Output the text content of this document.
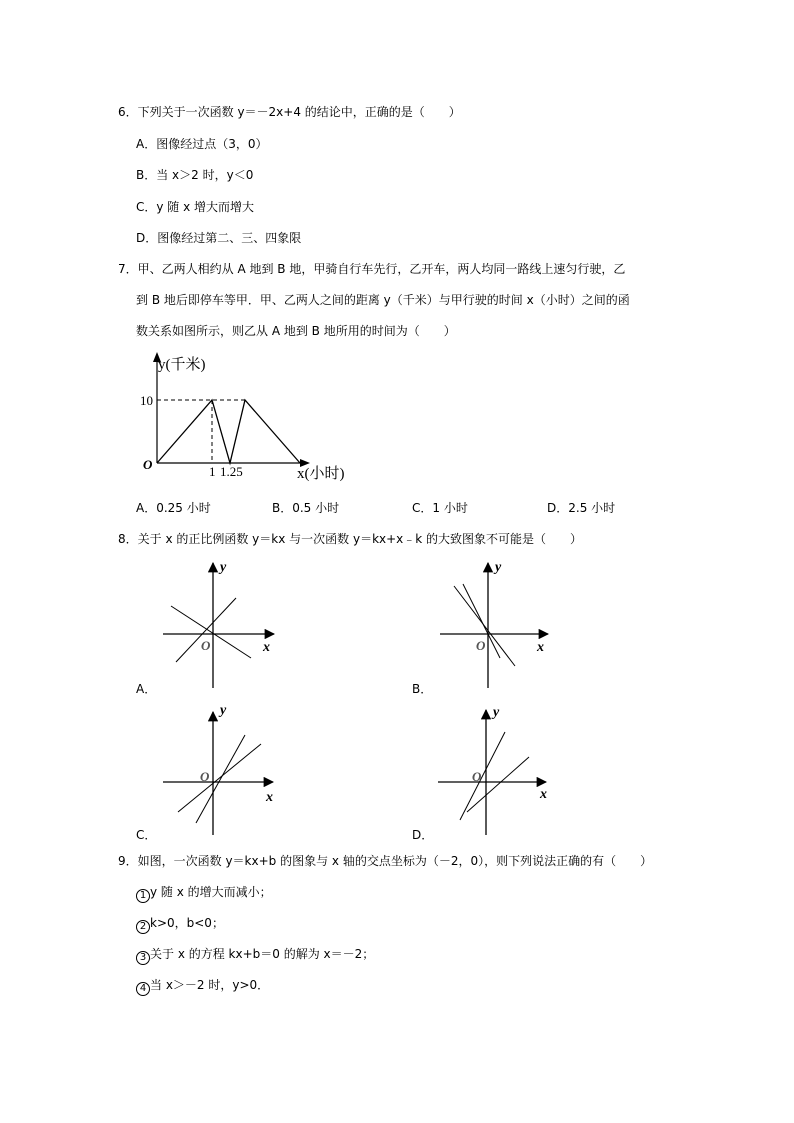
6．下列关于一次函数 y＝－2x+4 的结论中，正确的是（　　）
A．图像经过点（3，0）
B．当 x＞2 时，y＜0
C．y 随 x 增大而增大
D．图像经过第二、三、四象限
7．甲、乙两人相约从 A 地到 B 地，甲骑自行车先行，乙开车，两人均同一路线上速匀行驶，乙
到 B 地后即停车等甲．甲、乙两人之间的距离 y（千米）与甲行驶的时间 x（小时）之间的函
数关系如图所示，则乙从 A 地到 B 地所用的时间为（　　）
y(千米)
10
O	1 1.25	x(小时)
A．0.25 小时	B．0.5 小时	C．1 小时	D．2.5 小时
8．关于 x 的正比例函数 y＝kx 与一次函数 y＝kx+x﹣k 的大致图象不可能是（　　）
O	x
y
O	x
y
O
x
y
O
x
y
A．	B．
C．	D．
9．如图，一次函数 y＝kx+b 的图象与 x 轴的交点坐标为（－2，0），则下列说法正确的有（　　）
1 y 随 x 的增大而减小；
2 k>0，b<0；
3 关于 x 的方程 kx+b＝0 的解为 x＝－2；
4 当 x＞－2 时，y>0．
